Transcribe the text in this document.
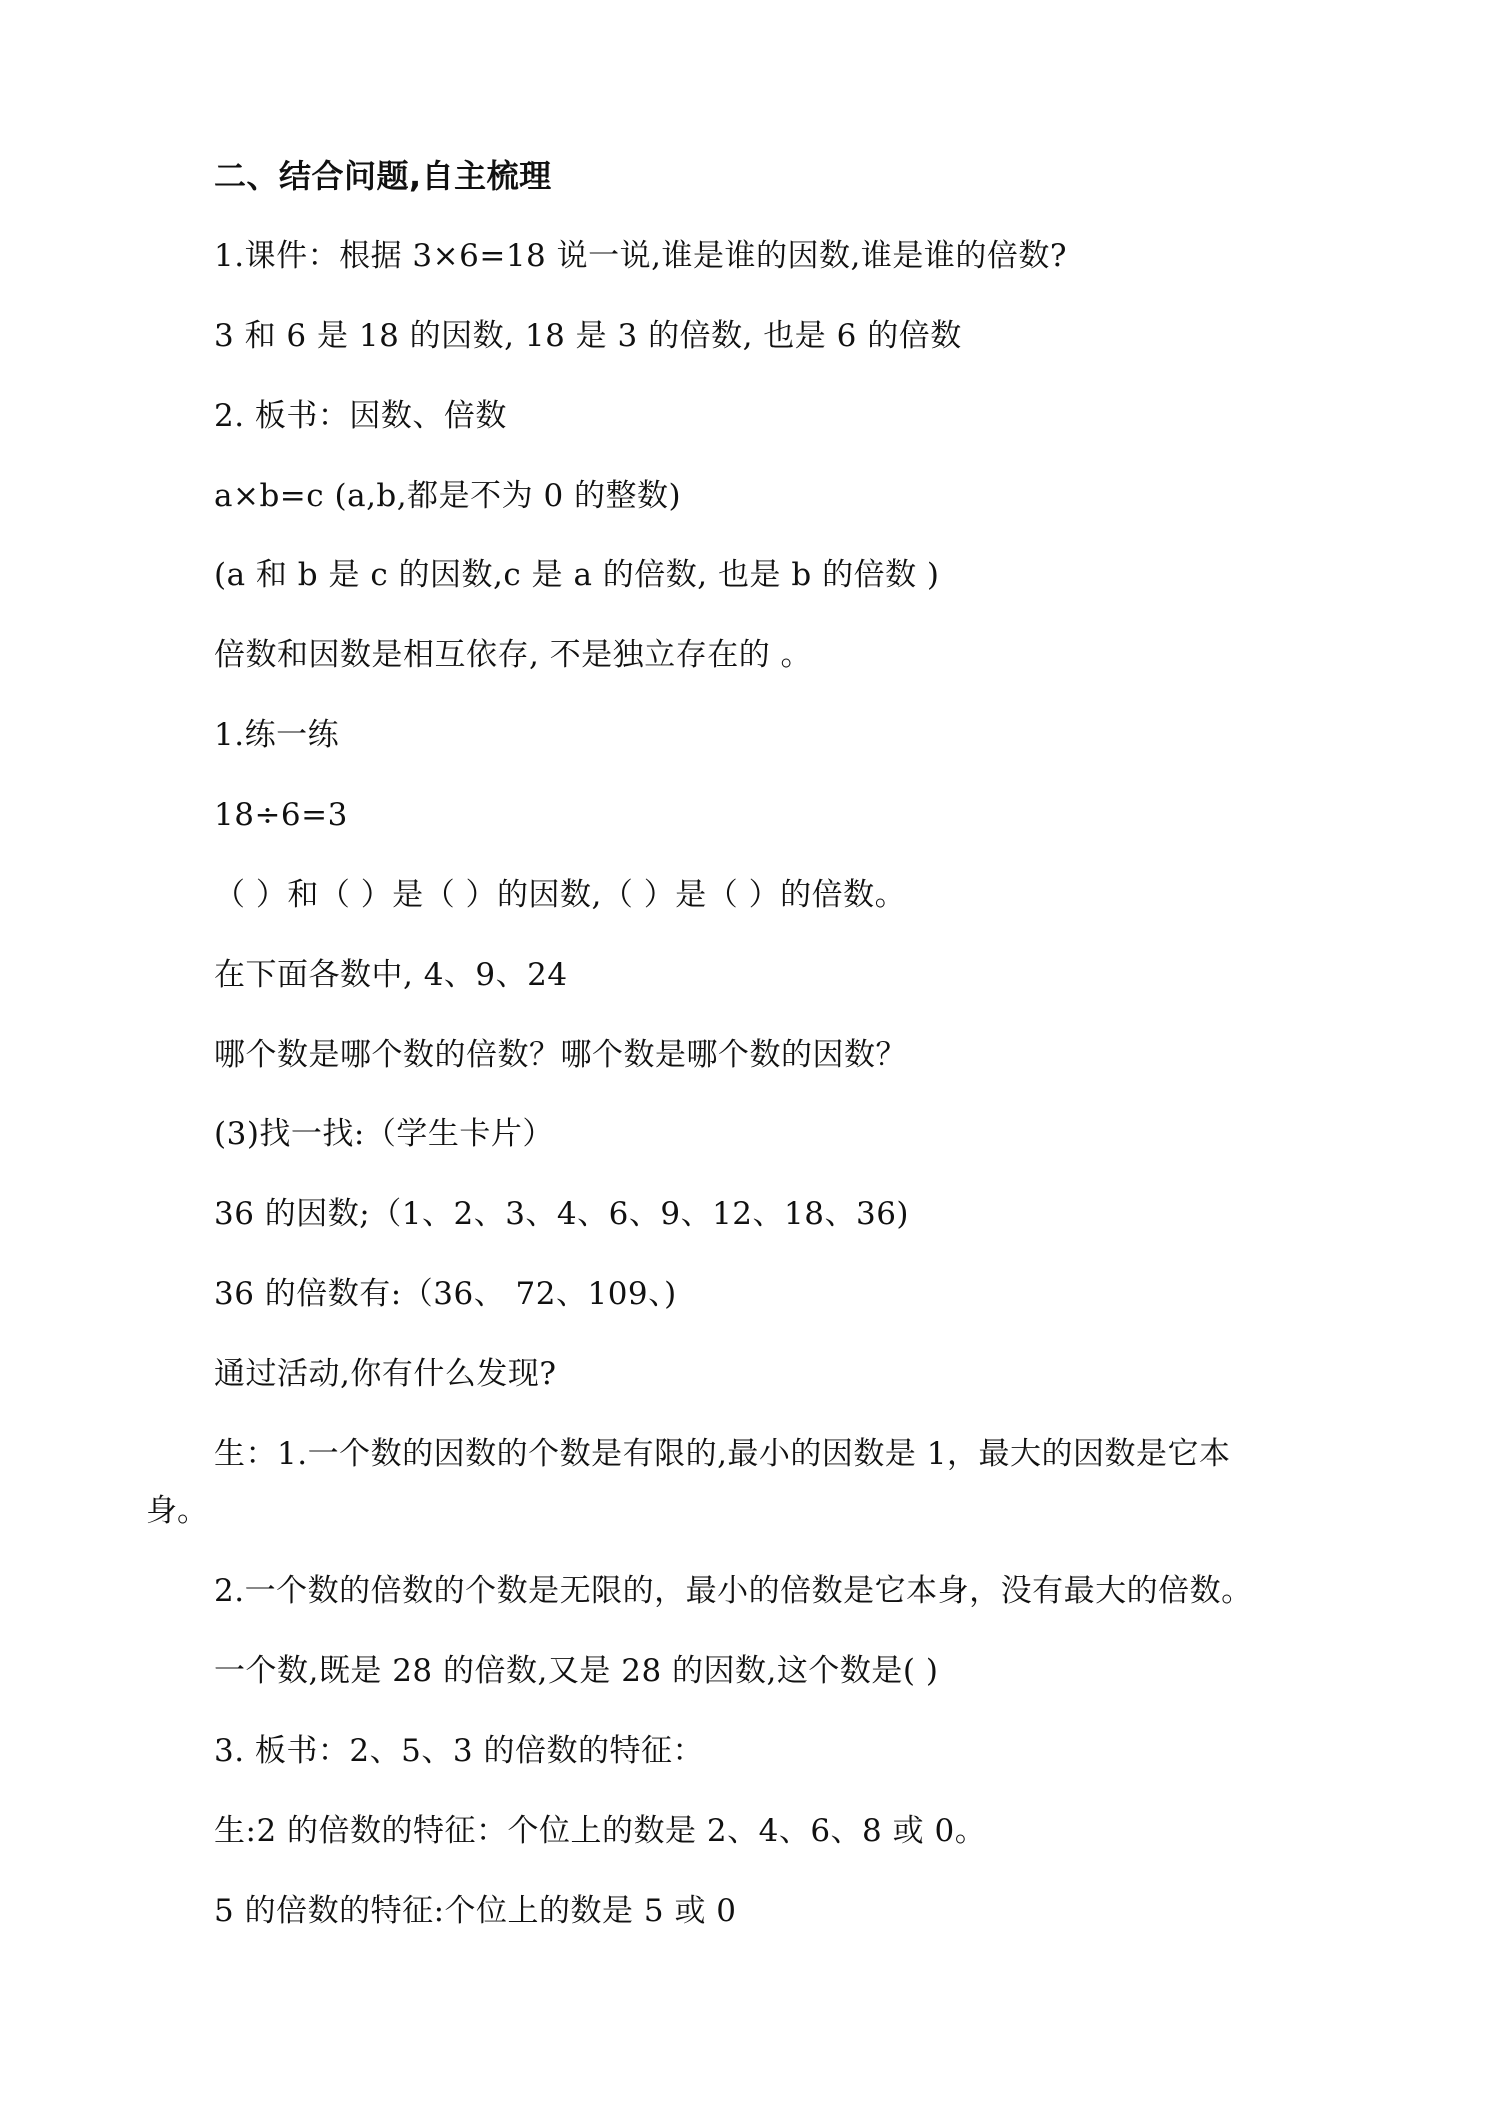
二、结合问题,自主梳理
1.课件：根据 3×6=18 说一说,谁是谁的因数,谁是谁的倍数?
3 和 6 是 18 的因数, 18 是 3 的倍数, 也是 6 的倍数
2. 板书：因数、倍数
a×b=c (a,b,都是不为 0 的整数)
(a 和 b 是 c 的因数,c 是 a 的倍数, 也是 b 的倍数 )
倍数和因数是相互依存, 不是独立存在的 。
1.练一练
18÷6=3
（ ）和（ ）是（ ）的因数,（ ）是（ ）的倍数。
在下面各数中, 4、9、24
哪个数是哪个数的倍数？哪个数是哪个数的因数？
(3)找一找:（学生卡片）
36 的因数;（1、2、3、4、6、9、12、18、36)
36 的倍数有:（36、 72、109、)
通过活动,你有什么发现?
生：1.一个数的因数的个数是有限的,最小的因数是 1，最大的因数是它本
身。
2.一个数的倍数的个数是无限的，最小的倍数是它本身，没有最大的倍数。
一个数,既是 28 的倍数,又是 28 的因数,这个数是( )
3. 板书：2、5、3 的倍数的特征：
生:2 的倍数的特征：个位上的数是 2、4、6、8 或 0。
5 的倍数的特征:个位上的数是 5 或 0
